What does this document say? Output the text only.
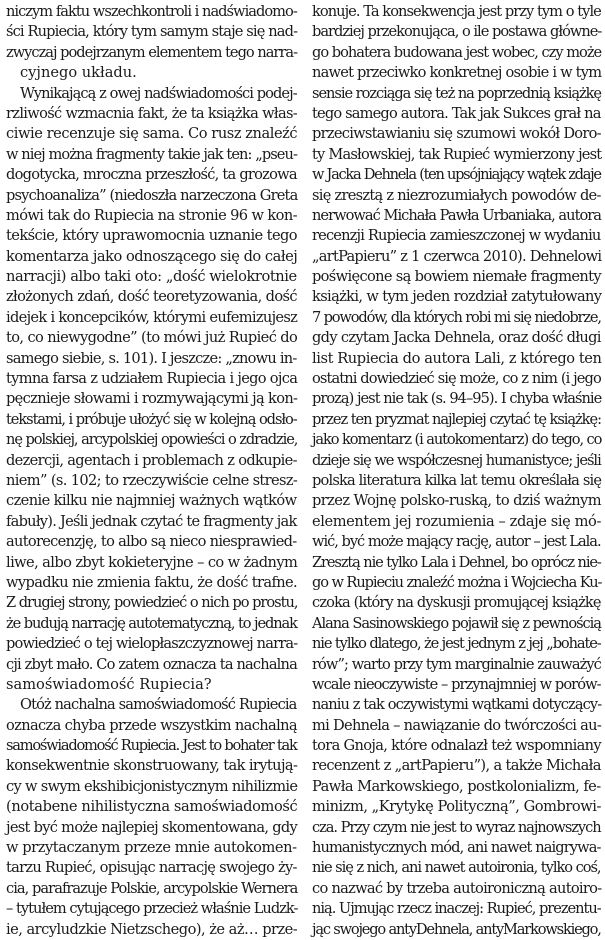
niczym faktu wszechkontroli i nadświadomo-
ści Rupiecia, który tym samym staje się nad-
zwyczaj podejrzanym elementem tego narra-
cyjnego układu.
Wynikającą z owej nadświadomości podej-
rzliwość wzmacnia fakt, że ta książka włas-
ciwie recenzuje się sama. Co rusz znaleźć
w niej można fragmenty takie jak ten: „pseu-
dogotycka, mroczna przeszłość, ta grozowa
psychoanaliza” (niedoszła narzeczona Greta
mówi tak do Rupiecia na stronie 96 w kon-
tekście, który uprawomocnia uznanie tego
komentarza jako odnoszącego się do całej
narracji) albo taki oto: „dość wielokrotnie
złożonych zdań, dość teoretyzowania, dość
idejek i koncepcików, którymi eufemizujesz
to, co niewygodne” (to mówi już Rupieć do
samego siebie, s. 101). I jeszcze: „znowu in-
tymna farsa z udziałem Rupiecia i jego ojca
pęcznieje słowami i rozmywającymi ją kon-
tekstami, i próbuje ułożyć się w kolejną odsło-
nę polskiej, arcypolskiej opowieści o zdradzie,
dezercji, agentach i problemach z odkupie-
niem” (s. 102; to rzeczywiście celne stresz-
czenie kilku nie najmniej ważnych wątków
fabuły). Jeśli jednak czytać te fragmenty jak
autorecenzję, to albo są nieco niesprawied-
liwe, albo zbyt kokieteryjne – co w żadnym
wypadku nie zmienia faktu, że dość trafne.
Z drugiej strony, powiedzieć o nich po prostu,
że budują narrację autotematyczną, to jednak
powiedzieć o tej wielopłaszczyznowej narra-
cji zbyt mało. Co zatem oznacza ta nachalna
samoświadomość Rupiecia?
Otóż nachalna samoświadomość Rupiecia
oznacza chyba przede wszystkim nachalną
samoświadomość Rupiecia. Jest to bohater tak
konsekwentnie skonstruowany, tak irytują-
cy w swym ekshibicjonistycznym nihilizmie
(notabene nihilistyczna samoświadomość
jest być może najlepiej skomentowana, gdy
w przytaczanym przeze mnie autokomen-
tarzu Rupieć, opisując narrację swojego ży-
cia, parafrazuje Polskie, arcypolskie Wernera
– tytułem cytującego przecież właśnie Ludzk-
ie, arcyludzkie Nietzschego), że aż… prze-
konuje. Ta konsekwencja jest przy tym o tyle
bardziej przekonująca, o ile postawa główne-
go bohatera budowana jest wobec, czy może
nawet przeciwko konkretnej osobie i w tym
sensie rozciąga się też na poprzednią książkę
tego samego autora. Tak jak Sukces grał na
przeciwstawianiu się szumowi wokół Doro-
ty Masłowskiej, tak Rupieć wymierzony jest
w Jacka Dehnela (ten upsójniający wątek zdaje
się zresztą z niezrozumiałych powodów de-
nerwować Michała Pawła Urbaniaka, autora
recenzji Rupiecia zamieszczonej w wydaniu
„artPapieru” z 1 czerwca 2010). Dehnelowi
poświęcone są bowiem niemałe fragmenty
książki, w tym jeden rozdział zatytułowany
7 powodów, dla których robi mi się niedobrze,
gdy czytam Jacka Dehnela, oraz dość długi
list Rupiecia do autora Lali, z którego ten
ostatni dowiedzieć się może, co z nim (i jego
prozą) jest nie tak (s. 94–95). I chyba właśnie
przez ten pryzmat najlepiej czytać tę książkę:
jako komentarz (i autokomentarz) do tego, co
dzieje się we współczesnej humanistyce; jeśli
polska literatura kilka lat temu określała się
przez Wojnę polsko-ruską, to dziś ważnym
elementem jej rozumienia – zdaje się mó-
wić, być może mający rację, autor – jest Lala.
Zresztą nie tylko Lala i Dehnel, bo oprócz nie-
go w Rupieciu znaleźć można i Wojciecha Ku-
czoka (który na dyskusji promującej książkę
Alana Sasinowskiego pojawił się z pewnością
nie tylko dlatego, że jest jednym z jej „bohate-
rów”; warto przy tym marginalnie zauważyć
wcale nieoczywiste – przynajmniej w porów-
naniu z tak oczywistymi wątkami dotyczący-
mi Dehnela – nawiązanie do twórczości au-
tora Gnoja, które odnalazł też wspomniany
recenzent z „artPapieru”), a także Michała
Pawła Markowskiego, postkolonializm, fe-
minizm, „Krytykę Polityczną”, Gombrowi-
cza. Przy czym nie jest to wyraz najnowszych
humanistycznych mód, ani nawet naigrywa-
nie się z nich, ani nawet autoironia, tylko coś,
co nazwać by trzeba autoironiczną autoiro-
nią. Ujmując rzecz inaczej: Rupieć, prezentu-
jąc swojego antyDehnela, antyMarkowskiego,
